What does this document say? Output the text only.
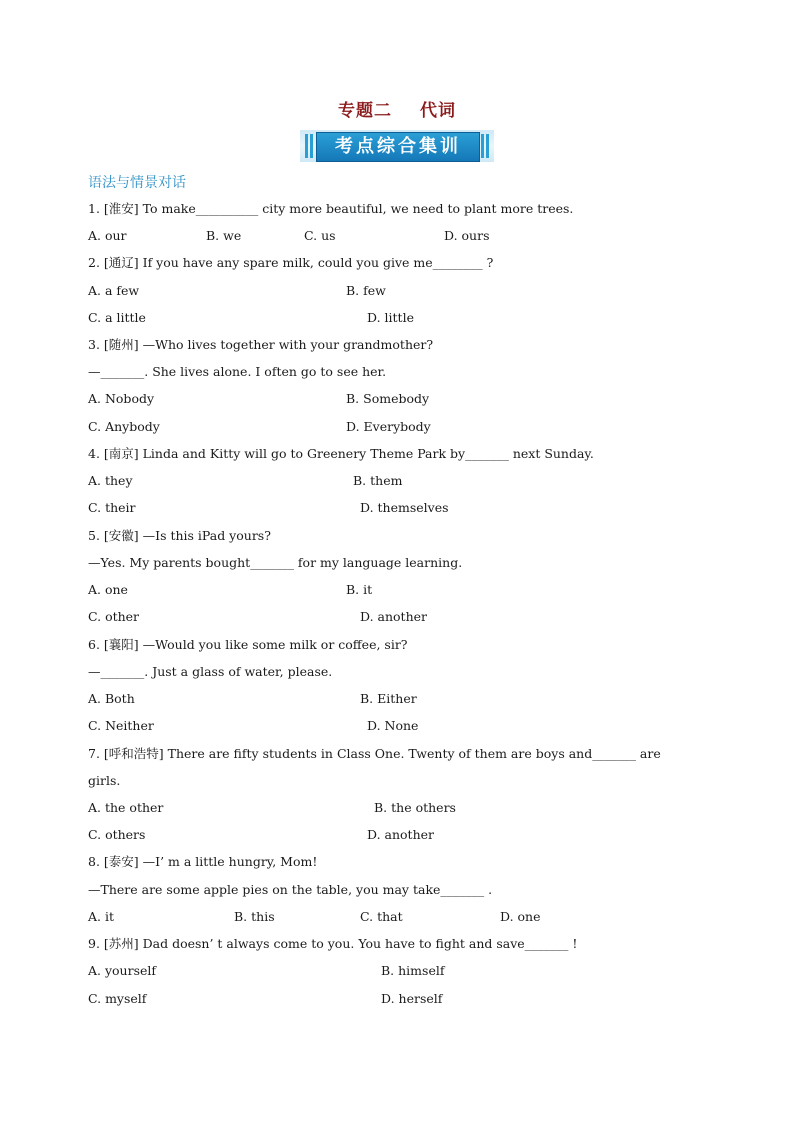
专题二 代词
考点综合集训
语法与情景对话
1. [淮安] To make__________ city more beautiful, we need to plant more trees.
A. our	B. we	C. us	D. ours
2. [通辽] If you have any spare milk, could you give me________ ?
A. a few	B. few
C. a little	D. little
3. [随州] —Who lives together with your grandmother?
—_______. She lives alone. I often go to see her.
A. Nobody	B. Somebody
C. Anybody	D. Everybody
4. [南京] Linda and Kitty will go to Greenery Theme Park by_______ next Sunday.
A. they	B. them
C. their	D. themselves
5. [安徽] —Is this iPad yours?
—Yes. My parents bought_______ for my language learning.
A. one	B. it
C. other	D. another
6. [襄阳] —Would you like some milk or coffee, sir?
—_______. Just a glass of water, please.
A. Both	B. Either
C. Neither	D. None
7. [呼和浩特] There are fifty students in Class One. Twenty of them are boys and_______ are
girls.
A. the other	B. the others
C. others	D. another
8. [泰安] —I’ m a little hungry, Mom!
—There are some apple pies on the table, you may take_______ .
A. it	B. this	C. that	D. one
9. [苏州] Dad doesn’ t always come to you. You have to fight and save_______ !
A. yourself	B. himself
C. myself	D. herself
